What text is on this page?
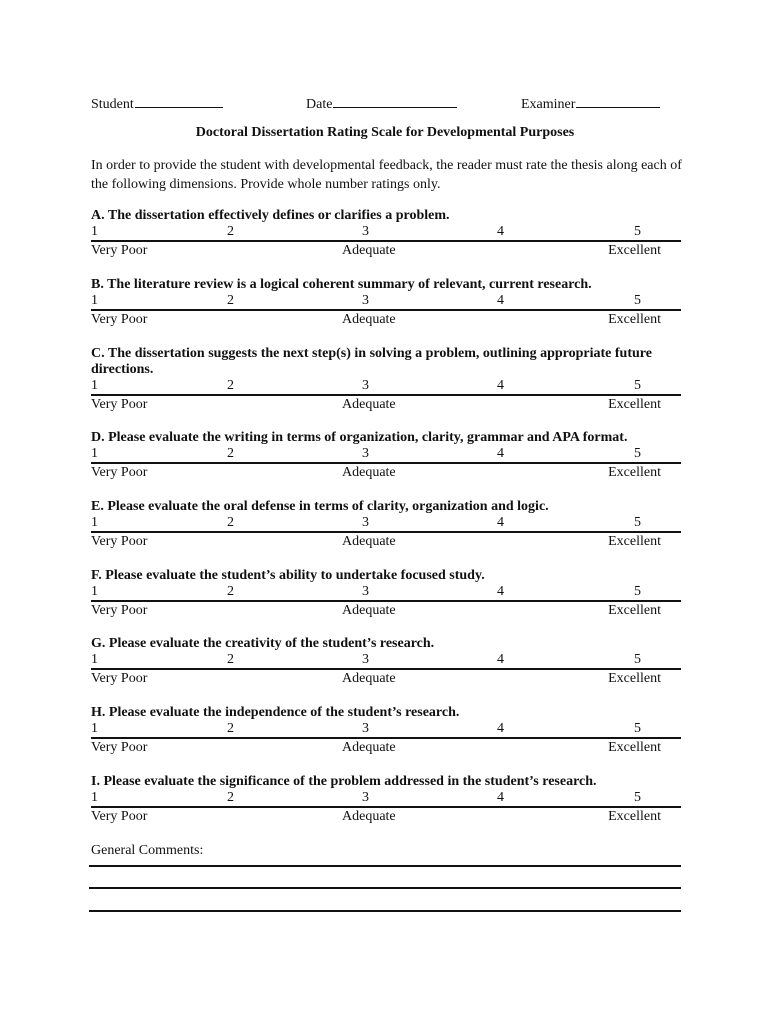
Student	Date	Examiner
Doctoral Dissertation Rating Scale for Developmental Purposes
In order to provide the student with developmental feedback, the reader must rate the thesis along each of the following dimensions. Provide whole number ratings only.
A. The dissertation effectively defines or clarifies a problem.
1	2	3	4	5
Very Poor	Adequate	Excellent
B. The literature review is a logical coherent summary of relevant, current research.
1	2	3	4	5
Very Poor	Adequate	Excellent
C. The dissertation suggests the next step(s) in solving a problem, outlining appropriate future directions.
1	2	3	4	5
Very Poor	Adequate	Excellent
D. Please evaluate the writing in terms of organization, clarity, grammar and APA format.
1	2	3	4	5
Very Poor	Adequate	Excellent
E. Please evaluate the oral defense in terms of clarity, organization and logic.
1	2	3	4	5
Very Poor	Adequate	Excellent
F. Please evaluate the student’s ability to undertake focused study.
1	2	3	4	5
Very Poor	Adequate	Excellent
G. Please evaluate the creativity of the student’s research.
1	2	3	4	5
Very Poor	Adequate	Excellent
H. Please evaluate the independence of the student’s research.
1	2	3	4	5
Very Poor	Adequate	Excellent
I. Please evaluate the significance of the problem addressed in the student’s research.
1	2	3	4	5
Very Poor	Adequate	Excellent
General Comments:
